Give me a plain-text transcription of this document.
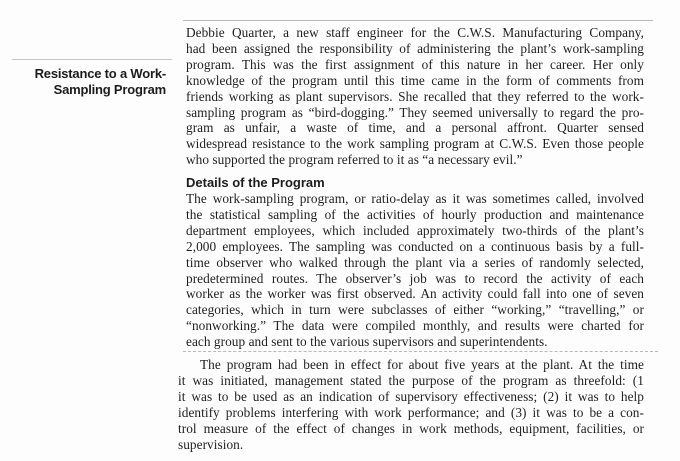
Resistance to a Work-
Sampling Program
Debbie Quarter, a new staff engineer for the C.W.S. Manufacturing Company,
had been assigned the responsibility of administering the plant’s work-sampling
program. This was the first assignment of this nature in her career. Her only
knowledge of the program until this time came in the form of comments from
friends working as plant supervisors. She recalled that they referred to the work-
sampling program as “bird-dogging.” They seemed universally to regard the pro-
gram as unfair, a waste of time, and a personal affront. Quarter sensed
widespread resistance to the work sampling program at C.W.S. Even those people
who supported the program referred to it as “a necessary evil.”
Details of the Program
The work-sampling program, or ratio-delay as it was sometimes called, involved
the statistical sampling of the activities of hourly production and maintenance
department employees, which included approximately two-thirds of the plant’s
2,000 employees. The sampling was conducted on a continuous basis by a full-
time observer who walked through the plant via a series of randomly selected,
predetermined routes. The observer’s job was to record the activity of each
worker as the worker was first observed. An activity could fall into one of seven
categories, which in turn were subclasses of either “working,” “travelling,” or
“nonworking.” The data were compiled monthly, and results were charted for
each group and sent to the various supervisors and superintendents.
The program had been in effect for about five years at the plant. At the time
it was initiated, management stated the purpose of the program as threefold: (1
it was to be used as an indication of supervisory effectiveness; (2) it was to help
identify problems interfering with work performance; and (3) it was to be a con-
trol measure of the effect of changes in work methods, equipment, facilities, or
supervision.
